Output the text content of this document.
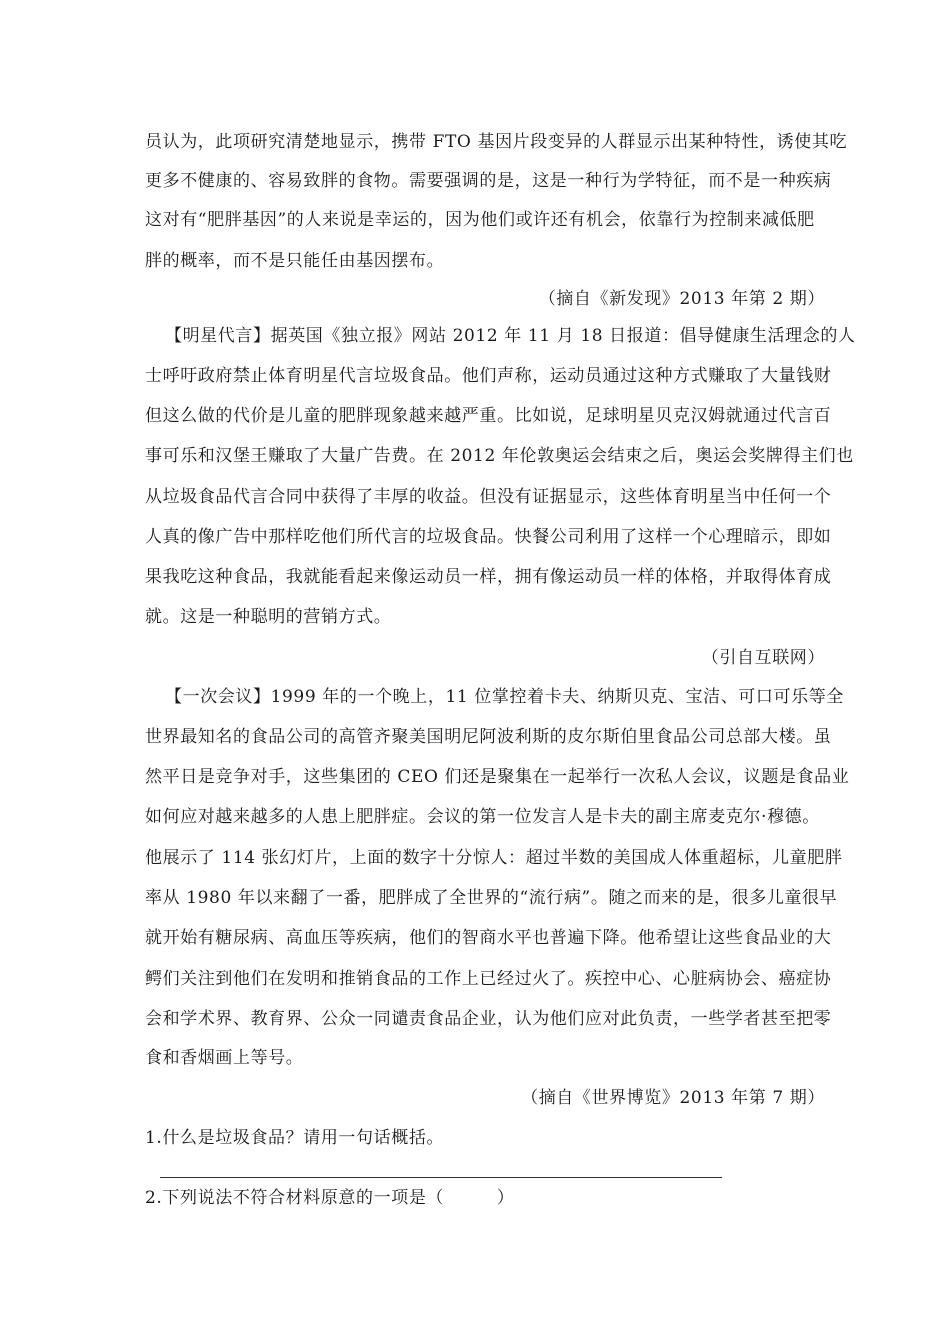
员认为，此项研究清楚地显示，携带 FTO 基因片段变异的人群显示出某种特性，诱使其吃
更多不健康的、容易致胖的食物。需要强调的是，这是一种行为学特征，而不是一种疾病
这对有“肥胖基因”的人来说是幸运的，因为他们或许还有机会，依靠行为控制来减低肥
胖的概率，而不是只能任由基因摆布。
（摘自《新发现》2013 年第 2 期）
【明星代言】据英国《独立报》网站 2012 年 11 月 18 日报道：倡导健康生活理念的人
士呼吁政府禁止体育明星代言垃圾食品。他们声称，运动员通过这种方式赚取了大量钱财
但这么做的代价是儿童的肥胖现象越来越严重。比如说，足球明星贝克汉姆就通过代言百
事可乐和汉堡王赚取了大量广告费。在 2012 年伦敦奥运会结束之后，奥运会奖牌得主们也
从垃圾食品代言合同中获得了丰厚的收益。但没有证据显示，这些体育明星当中任何一个
人真的像广告中那样吃他们所代言的垃圾食品。快餐公司利用了这样一个心理暗示，即如
果我吃这种食品，我就能看起来像运动员一样，拥有像运动员一样的体格，并取得体育成
就。这是一种聪明的营销方式。
（引自互联网）
【一次会议】1999 年的一个晚上，11 位掌控着卡夫、纳斯贝克、宝洁、可口可乐等全
世界最知名的食品公司的高管齐聚美国明尼阿波利斯的皮尔斯伯里食品公司总部大楼。虽
然平日是竞争对手，这些集团的 CEO 们还是聚集在一起举行一次私人会议，议题是食品业
如何应对越来越多的人患上肥胖症。会议的第一位发言人是卡夫的副主席麦克尔·穆德。
他展示了 114 张幻灯片，上面的数字十分惊人：超过半数的美国成人体重超标，儿童肥胖
率从 1980 年以来翻了一番，肥胖成了全世界的“流行病”。随之而来的是，很多儿童很早
就开始有糖尿病、高血压等疾病，他们的智商水平也普遍下降。他希望让这些食品业的大
鳄们关注到他们在发明和推销食品的工作上已经过火了。疾控中心、心脏病协会、癌症协
会和学术界、教育界、公众一同谴责食品企业，认为他们应对此负责，一些学者甚至把零
食和香烟画上等号。
（摘自《世界博览》2013 年第 7 期）
1.什么是垃圾食品？请用一句话概括。
2.下列说法不符合材料原意的一项是（　　　）
